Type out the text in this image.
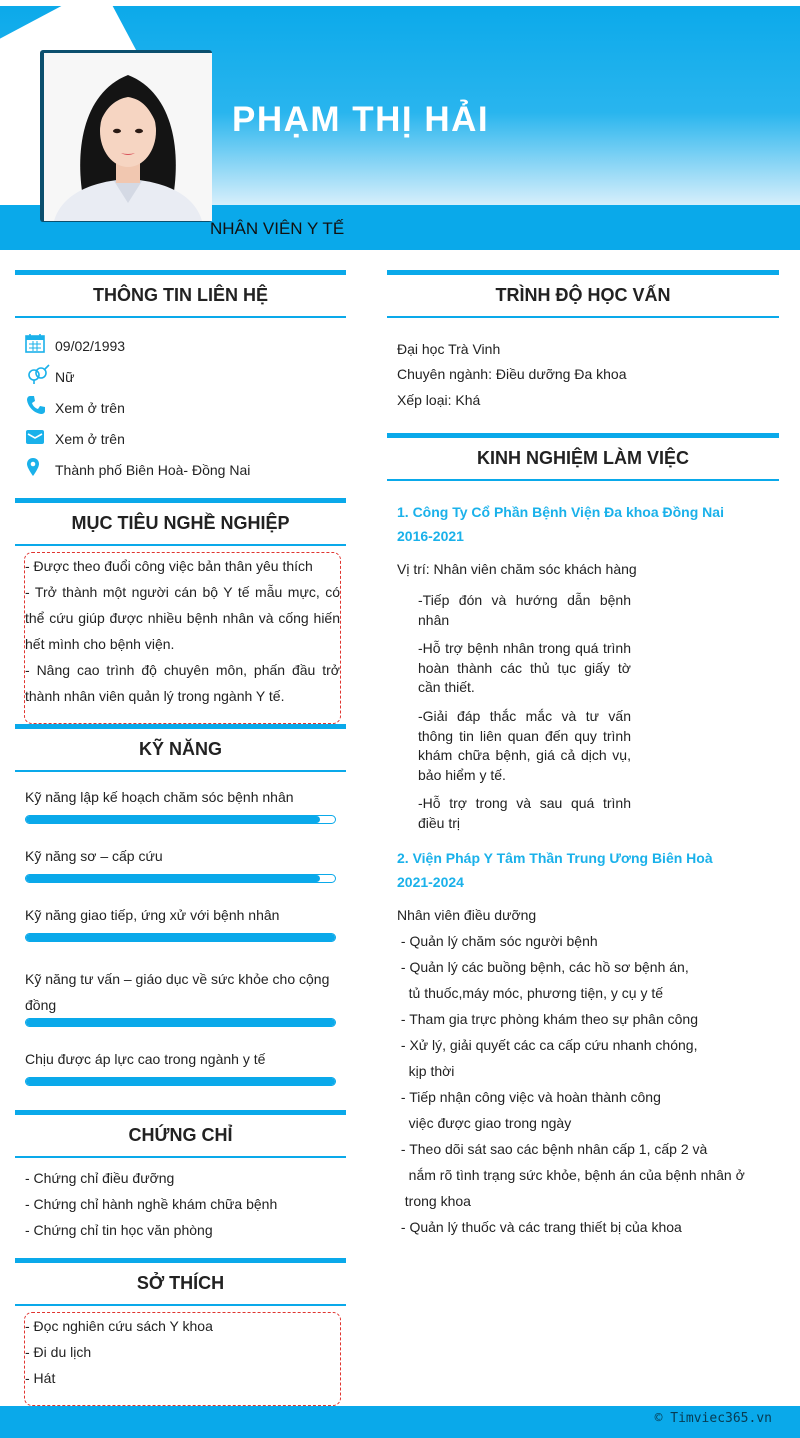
PHẠM THỊ HẢI
NHÂN VIÊN Y TẾ
THÔNG TIN LIÊN HỆ
09/02/1993
Nữ
Xem ở trên
Xem ở trên
Thành phố Biên Hoà- Đồng Nai
MỤC TIÊU NGHỀ NGHIỆP
- Được theo đuổi công việc bản thân yêu thích
- Trở thành một người cán bộ Y tế mẫu mực, có thể cứu giúp được nhiều bệnh nhân và cống hiến hết mình cho bệnh viện.
- Nâng cao trình độ chuyên môn, phấn đầu trở thành nhân viên quản lý trong ngành Y tế.
KỸ NĂNG
Kỹ năng lập kế hoạch chăm sóc bệnh nhân
Kỹ năng sơ – cấp cứu
Kỹ năng giao tiếp, ứng xử với bệnh nhân
Kỹ năng tư vấn – giáo dục về sức khỏe cho cộng đồng
Chịu được áp lực cao trong ngành y tế
CHỨNG CHỈ
- Chứng chỉ điều đưỡng
- Chứng chỉ hành nghề khám chữa bệnh
- Chứng chỉ tin học văn phòng
SỞ THÍCH
- Đọc nghiên cứu sách Y khoa
- Đi du lịch
- Hát
TRÌNH ĐỘ HỌC VẤN
Đại học Trà Vinh
Chuyên ngành: Điều dưỡng Đa khoa
Xếp loại: Khá
KINH NGHIỆM LÀM VIỆC
1. Công Ty Cổ Phần Bệnh Viện Đa khoa Đồng Nai
2016-2021
Vị trí: Nhân viên chăm sóc khách hàng
-Tiếp đón và hướng dẫn bệnh nhân
-Hỗ trợ bệnh nhân trong quá trình hoàn thành các thủ tục giấy tờ cần thiết.
-Giải đáp thắc mắc và tư vấn thông tin liên quan đến quy trình khám chữa bệnh, giá cả dịch vụ, bảo hiểm y tế.
-Hỗ trợ trong và sau quá trình điều trị
2. Viện Pháp Y Tâm Thần Trung Ương Biên Hoà
2021-2024
Nhân viên điều dưỡng
- Quản lý chăm sóc người bệnh
- Quản lý các buồng bệnh, các hồ sơ bệnh án,
tủ thuốc,máy móc, phương tiện, y cụ y tế
- Tham gia trực phòng khám theo sự phân công
- Xử lý, giải quyết các ca cấp cứu nhanh chóng,
kịp thời
- Tiếp nhận công việc và hoàn thành công
việc được giao trong ngày
- Theo dõi sát sao các bệnh nhân cấp 1, cấp 2 và
nắm rõ tình trạng sức khỏe, bệnh án của bệnh nhân ở
trong khoa
- Quản lý thuốc và các trang thiết bị của khoa
© Timviec365.vn
